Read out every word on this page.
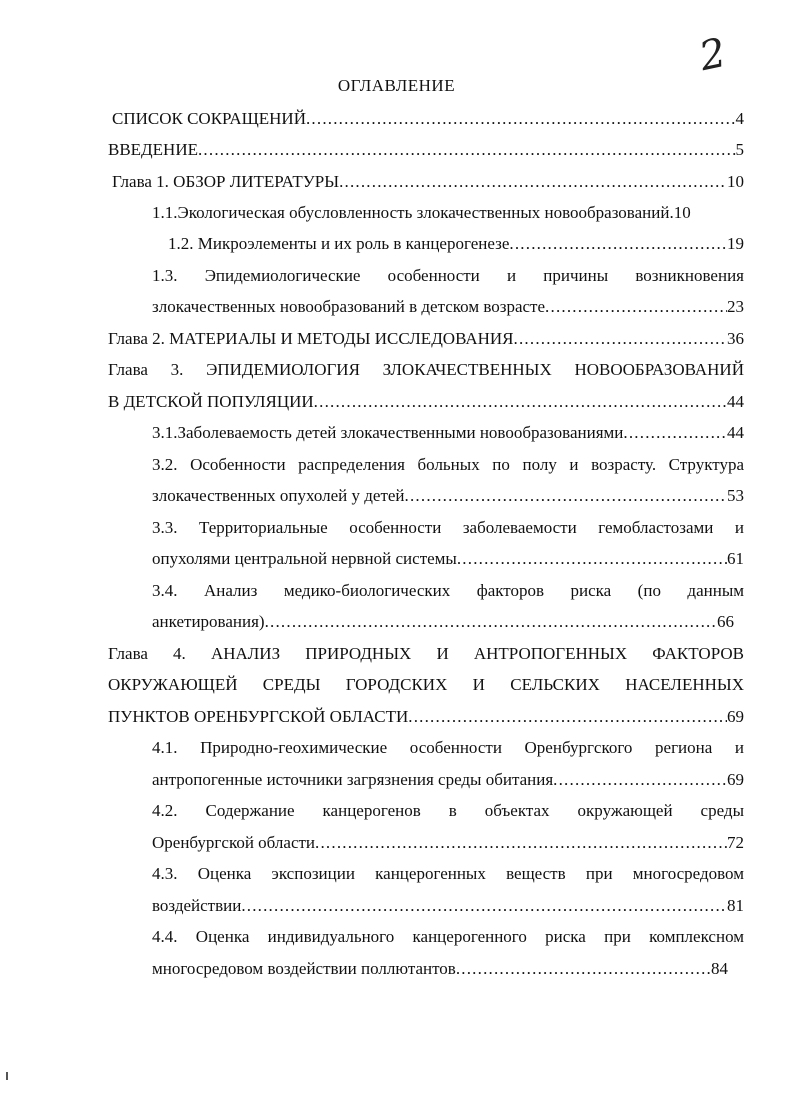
2
ОГЛАВЛЕНИЕ
СПИСОК СОКРАЩЕНИЙ .....	4
ВВЕДЕНИЕ .....	5
Глава 1. ОБЗОР ЛИТЕРАТУРЫ .....	10
1.1.Экологическая обусловленность злокачественных новообразований. 10
1.2. Микроэлементы и их роль в канцерогенезе .....	19
1.3. Эпидемиологические особенности и причины возникновения
злокачественных новообразований в детском возрасте .....	23
Глава 2. МАТЕРИАЛЫ И МЕТОДЫ ИССЛЕДОВАНИЯ .....	36
Глава 3. ЭПИДЕМИОЛОГИЯ ЗЛОКАЧЕСТВЕННЫХ НОВООБРАЗОВАНИЙ
В ДЕТСКОЙ ПОПУЛЯЦИИ .....	44
3.1.Заболеваемость детей злокачественными новообразованиями .....	44
3.2. Особенности распределения больных по полу и возрасту. Структура
злокачественных опухолей у детей .....	53
3.3. Территориальные особенности заболеваемости гемобластозами и
опухолями центральной нервной системы .....	61
3.4. Анализ медико-биологических факторов риска (по данным
анкетирования) .....	66
Глава 4. АНАЛИЗ ПРИРОДНЫХ И АНТРОПОГЕННЫХ ФАКТОРОВ
ОКРУЖАЮЩЕЙ СРЕДЫ ГОРОДСКИХ И СЕЛЬСКИХ НАСЕЛЕННЫХ
ПУНКТОВ ОРЕНБУРГСКОЙ ОБЛАСТИ .....	69
4.1. Природно-геохимические особенности Оренбургского региона и
антропогенные источники загрязнения среды обитания .....	69
4.2. Содержание канцерогенов в объектах окружающей среды
Оренбургской области .....	72
4.3. Оценка экспозиции канцерогенных веществ при многосредовом
воздействии .....	81
4.4. Оценка индивидуального канцерогенного риска при комплексном
многосредовом воздействии поллютантов .....	84
